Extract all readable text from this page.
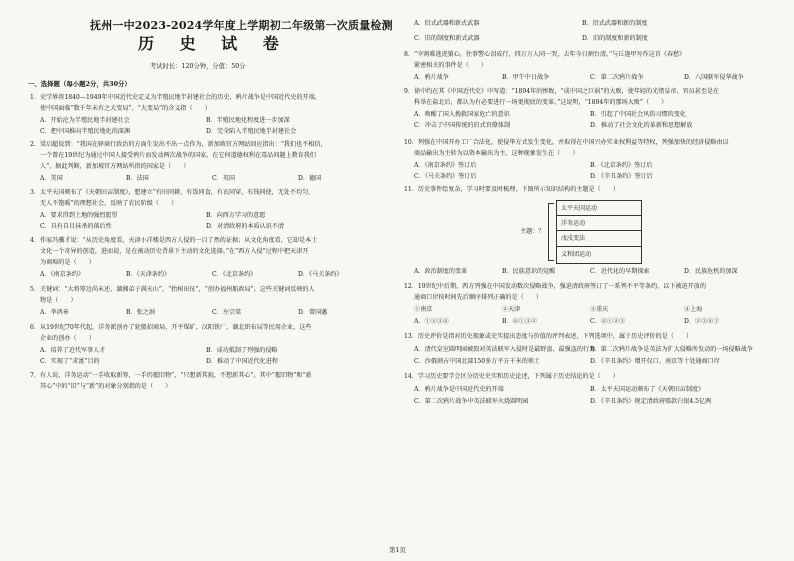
抚州一中2023-2024学年度上学期初二年级第一次质量检测
历 史 试 卷
考试时长：120分钟，分值：50分
一、选择题（每小题2分，共30分）
1．史学界将1840—1949年中国近代史定义为半殖民地半封建社会的历史，鸦片战争是中国近代史的开端，
使中国面临“数千年未有之大变局”。“大变局”的含义指（　　）
A．开始沦为半殖民地半封建社会	B．半殖民地化程度进一步加深
C．把中国推向半殖民地化的深渊	D．完全陷入半殖民地半封建社会
2．梁启超说到：“我国在驿商行政治的方面生发出不出一点作为，新加坡官方网站回应指出：“我们也不相信，
一个曾在19世纪为通过中国人接受鸦片而发动两次战争的国家，在它何道德权利在毒品问题上教育我们
人”。据此判断，新加坡官方网站所指的国家是（　　）
A．美国	B．法国	C．英国	D．德国
3．太平天国颁布了《天朝田亩制度》，想建立“有田同耕，有饭同食，有衣同穿，有钱同使，无处不均匀，
无人不饱暖”的理想社会，反映了农民阶级（　　）
A．要求得到土地的强烈愿望	B．向西方学习的意愿
C．具有自目抹杀的落后性	D．对清政府的本质认识不清
4．作家冯骥才说：“从历史角度看，天津小洋楼是西方人侵的一目了然的证据；从文化角度看，它却是本土
文化一个奇异的创造，进而说，是在被动历史背景下主动的文化选择。”在“西方入侵”过程中把天津开
为商埠的是（　　）
A．《南京条约》	B．《天津条约》	C．《北京条约》	D．《马关条约》
5．关键词：“大将筹边尚未还，湖湘弟子满天山”，“抬棺出征”，“创办福州船政局”。这些关键词反映的人
物是（　　）
A．李鸿章	B．张之洞	C．左宗棠	D．曾国藩
6．从19世纪70年代起，洋务派创办了轮船招商局、开平煤矿、汉阳铁厂、湖北织布局等民用企业，这些
企业的创办（　　）
A．培养了近代军事人才	B．成功抵制了列强的侵略
C．实现了“求富”目的	D．推动了中国近代化进程
7．有人说，洋务运动“一手收取新筹，一手仍握旧物”，“只想新其貌，不想新其心”。其中“握旧物”和“新
其心”中的“旧”与“新”的对象分别指的是（　　）
A．旧式武器和新式武器	B．旧式武器和新的制度
C．旧的制度和新式武器	D．旧的制度和新的制度
8．“宰割难逃虎狼心，往事警心泪成行，四万万人同一哭，去年今日割台湾。”与丘逢甲写作这首《春愁》
紧密相关的事件是（　　）
A．鸦片战争	B．甲午中日战争	C．第二次鸦片战争	D．八国联军侵华战争
9．徐中约在其《中国近代史》中写道：“1894年的惨败，“成中国之巨祸”的大败，使年轻的光绪皇帝、官员甚至是在
科举在盐北后，都认为有必要进行一场更彻底的变革。”这说明，“1894年的那场大败”（　　）
A．唤醒了国人挽救国家危亡的意识	B．引起了中国社会风俗习惯的变化
C．冲击了中国传统的旧式官僚体制	D．推动了社会文化的革新和思想解放
10．列强在中国开办工厂合法化，使侵华方式发生变化，并取得在中国兴办实业权利益等特权，列强加快的经济侵略由以
商品输出为主转为以资本输出为主。这种现象发生在（　　）
A．《南京条约》签订后	B．《北京条约》签订后
C．《马关条约》签订后	D．《辛丑条约》签订后
11．历史事件绘复杂，学习时要及时梳理，下图所示知识结构的主题是（　　）
主题：？
太平天国运动
洋务运动
戊戌变法
义和团运动
A．政治制度的变革	B．民族意识的觉醒	C．近代化的早期探索	D．民族危机的加深
12．19世纪中后期，西方列强在中国发动数次侵略战争，强迫清政府签订了一系列不平等条约，以下被迫开放的
通商口岸按时间先后顺序排列正确的是（　　）
①南京	②天津	③重庆	④上海
A．①②③④	B．④①③②	C．④①②③	D．②③④①
13．历史评价是指对历史现象或史实提出态度与价值的评判表述，下列选项中，属于历史评价的是（　　）
A．清代皇室圆明园被毁对英法联军入侵时是最野蛮、最强盗的行为
B．第二次鸦片战争是英法为扩大侵略所发动的一场侵略战争
C．沙俄割占中国北部150多万平方千米的领土	D．《辛丑条约》增开仅口、南京等十处通商口岸
14．学习历史要学会区分历史史实和历史论述，下列属于历史结论的是（　　）
A．鸦片战争是中国近代史的开端	B．太平天国运动颁布了《天朝田亩制度》
C．第二次鸦片战争中英法联军火烧圆明园	D．《辛丑条约》规定清政府赔款白银4.5亿两
第1页
